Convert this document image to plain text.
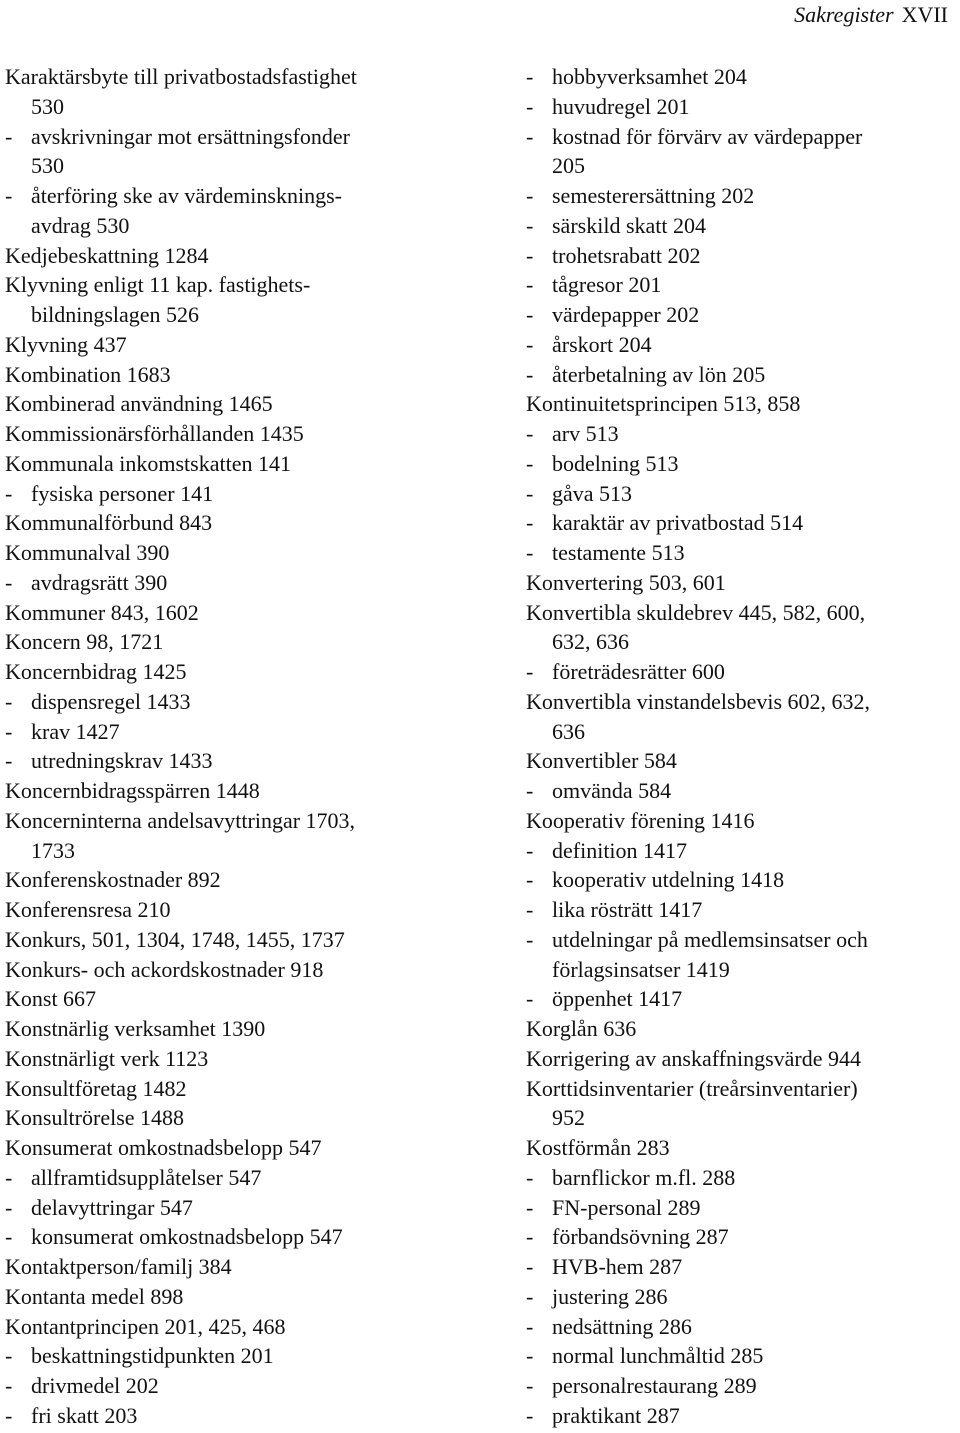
Sakregister XVII
Karaktärsbyte till privatbostadsfastighet
530
- avskrivningar mot ersättningsfonder
530
- återföring ske av värdeminsknings-
avdrag 530
Kedjebeskattning 1284
Klyvning enligt 11 kap. fastighets-
bildningslagen 526
Klyvning 437
Kombination 1683
Kombinerad användning 1465
Kommissionärsförhållanden 1435
Kommunala inkomstskatten 141
- fysiska personer 141
Kommunalförbund 843
Kommunalval 390
- avdragsrätt 390
Kommuner 843, 1602
Koncern 98, 1721
Koncernbidrag 1425
- dispensregel 1433
- krav 1427
- utredningskrav 1433
Koncernbidragsspärren 1448
Koncerninterna andelsavyttringar 1703,
1733
Konferenskostnader 892
Konferensresa 210
Konkurs, 501, 1304, 1748, 1455, 1737
Konkurs- och ackordskostnader 918
Konst 667
Konstnärlig verksamhet 1390
Konstnärligt verk 1123
Konsultföretag 1482
Konsultrörelse 1488
Konsumerat omkostnadsbelopp 547
- allframtidsupplåtelser 547
- delavyttringar 547
- konsumerat omkostnadsbelopp 547
Kontaktperson/familj 384
Kontanta medel 898
Kontantprincipen 201, 425, 468
- beskattningstidpunkten 201
- drivmedel 202
- fri skatt 203
- hobbyverksamhet 204
- huvudregel 201
- kostnad för förvärv av värdepapper
205
- semesterersättning 202
- särskild skatt 204
- trohetsrabatt 202
- tågresor 201
- värdepapper 202
- årskort 204
- återbetalning av lön 205
Kontinuitetsprincipen 513, 858
- arv 513
- bodelning 513
- gåva 513
- karaktär av privatbostad 514
- testamente 513
Konvertering 503, 601
Konvertibla skuldebrev 445, 582, 600,
632, 636
- företrädesrätter 600
Konvertibla vinstandelsbevis 602, 632,
636
Konvertibler 584
- omvända 584
Kooperativ förening 1416
- definition 1417
- kooperativ utdelning 1418
- lika rösträtt 1417
- utdelningar på medlemsinsatser och
förlagsinsatser 1419
- öppenhet 1417
Korglån 636
Korrigering av anskaffningsvärde 944
Korttidsinventarier (treårsinventarier)
952
Kostförmån 283
- barnflickor m.fl. 288
- FN-personal 289
- förbandsövning 287
- HVB-hem 287
- justering 286
- nedsättning 286
- normal lunchmåltid 285
- personalrestaurang 289
- praktikant 287
